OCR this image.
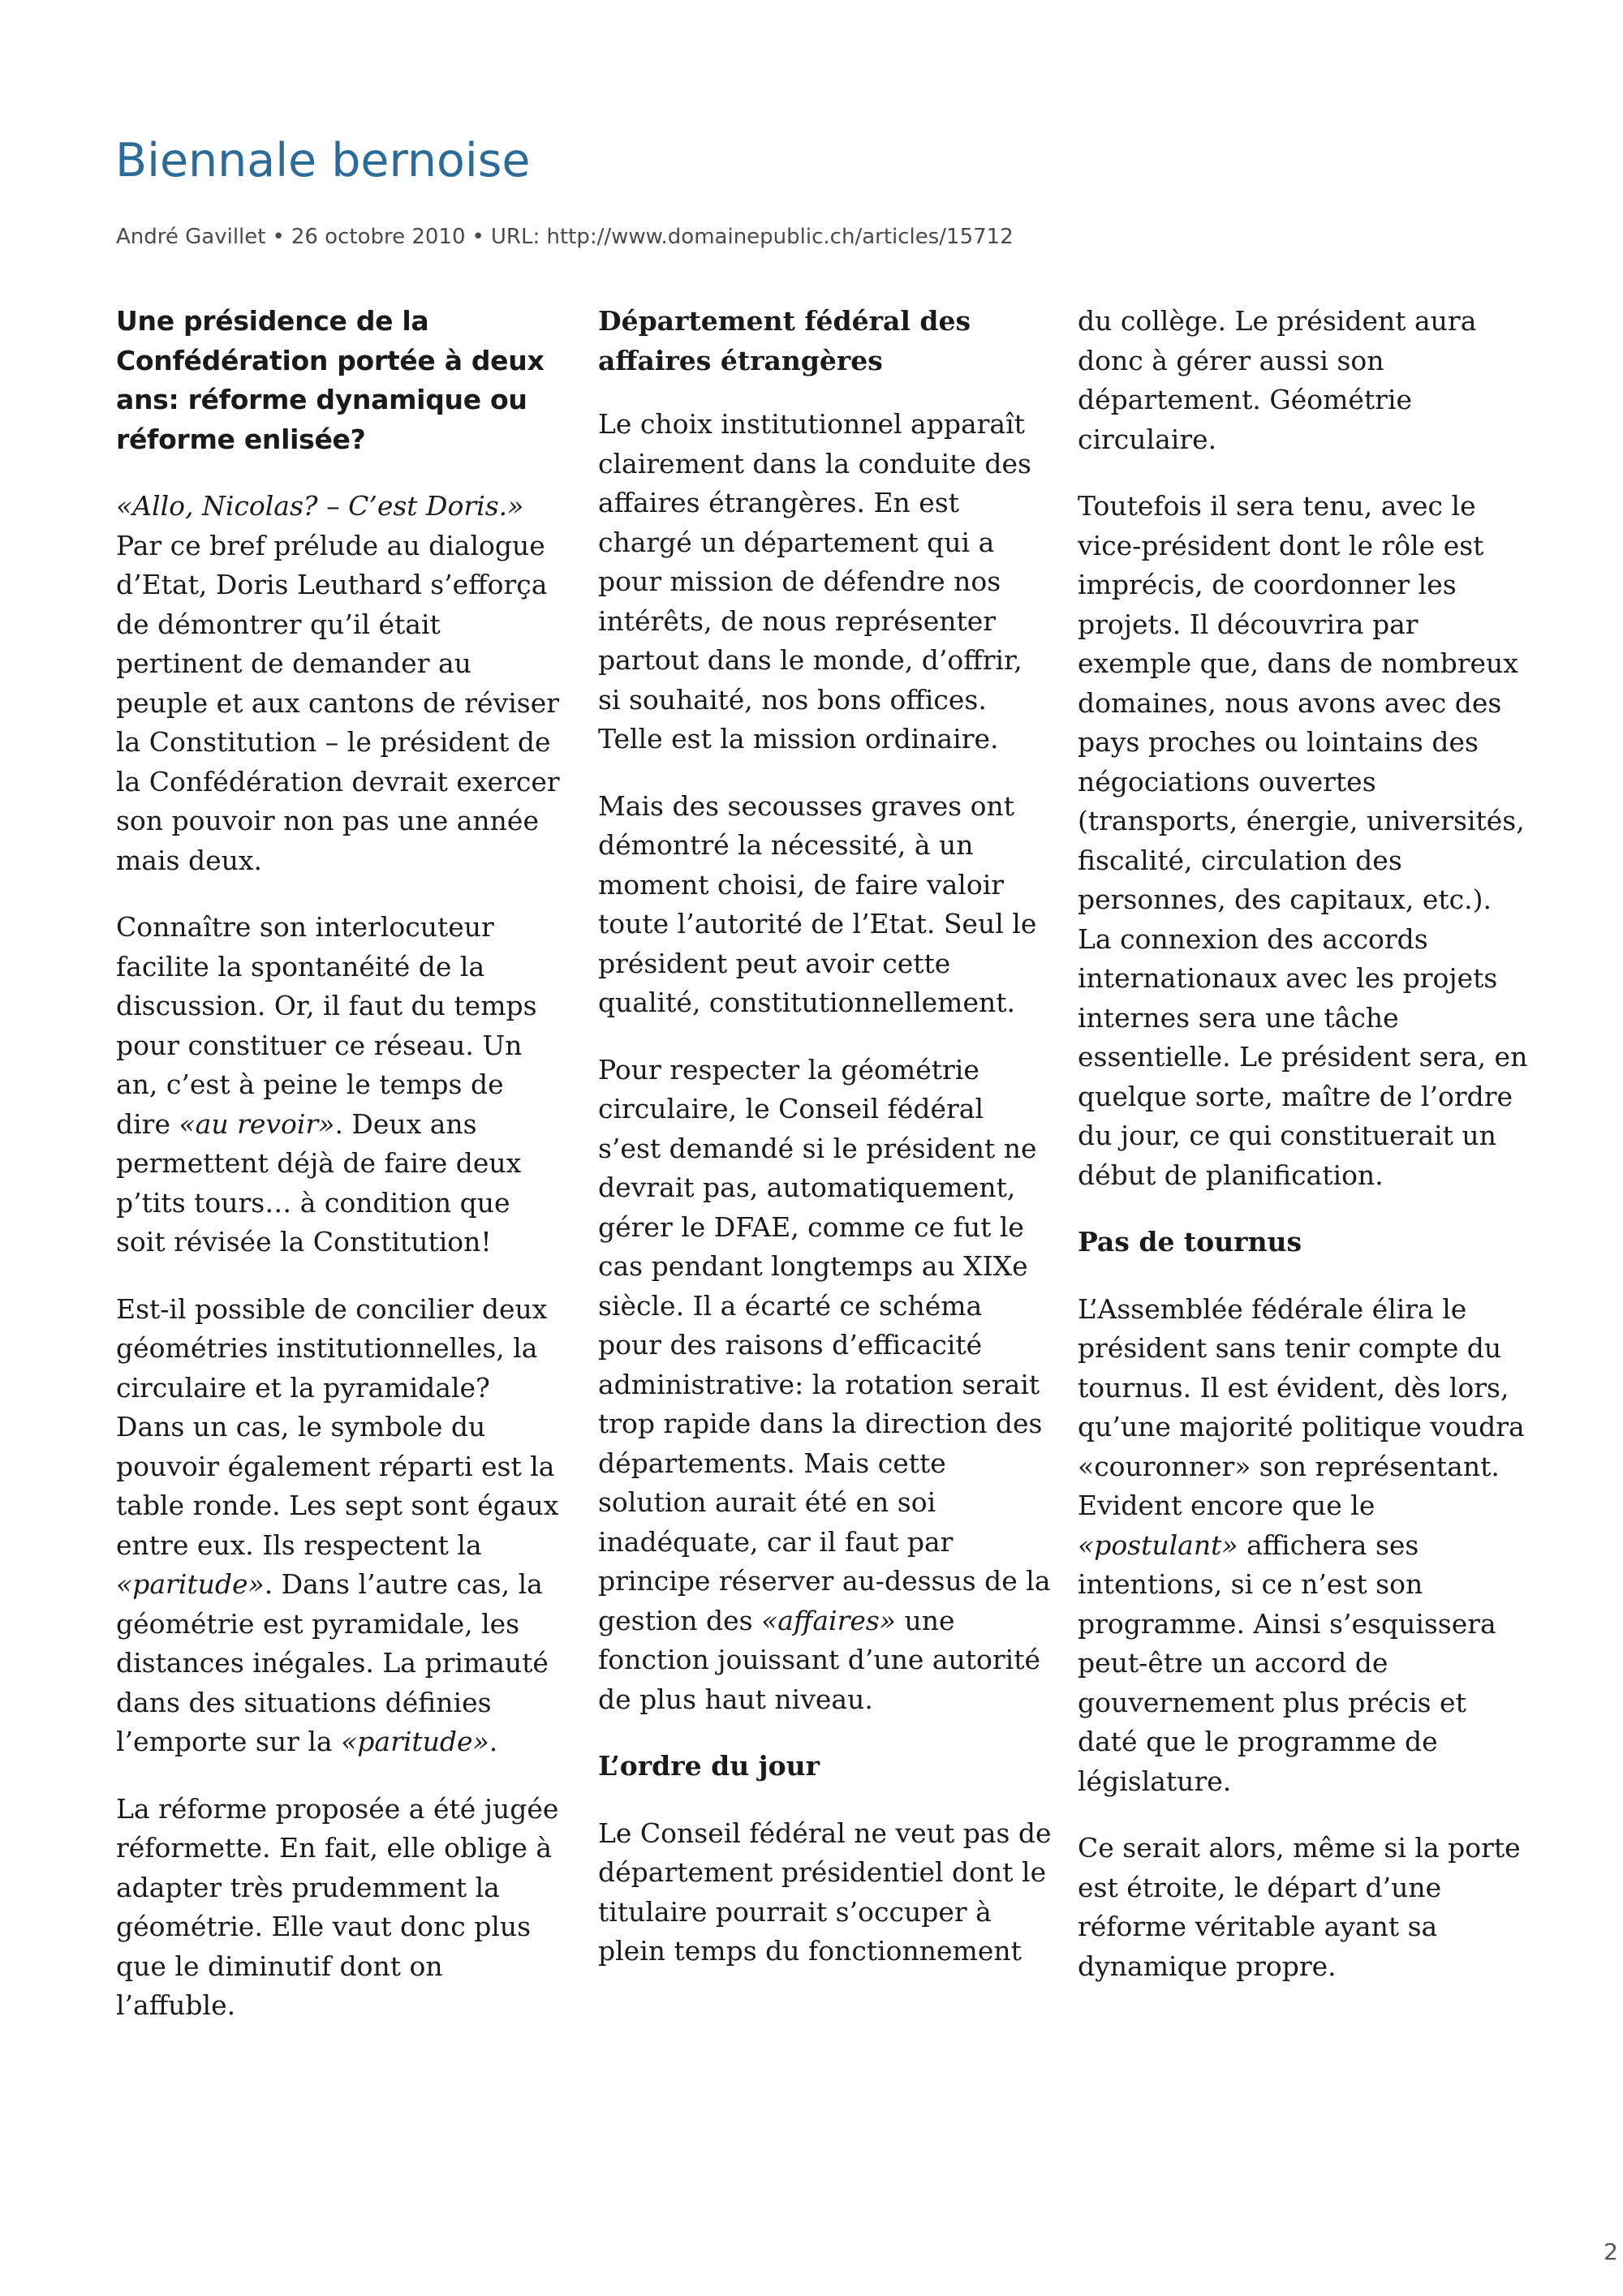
Biennale bernoise
André Gavillet • 26 octobre 2010 • URL: http://www.domainepublic.ch/articles/15712

Une présidence de la Confédération portée à deux ans: réforme dynamique ou réforme enlisée?

«Allo, Nicolas? – C’est Doris.» Par ce bref prélude au dialogue d’Etat, Doris Leuthard s’efforça de démontrer qu’il était pertinent de demander au peuple et aux cantons de réviser la Constitution – le président de la Confédération devrait exercer son pouvoir non pas une année mais deux.

Connaître son interlocuteur facilite la spontanéité de la discussion. Or, il faut du temps pour constituer ce réseau. Un an, c’est à peine le temps de dire «au revoir». Deux ans permettent déjà de faire deux p’tits tours… à condition que soit révisée la Constitution!

Est-il possible de concilier deux géométries institutionnelles, la circulaire et la pyramidale? Dans un cas, le symbole du pouvoir également réparti est la table ronde. Les sept sont égaux entre eux. Ils respectent la «paritude». Dans l’autre cas, la géométrie est pyramidale, les distances inégales. La primauté dans des situations définies l’emporte sur la «paritude».

La réforme proposée a été jugée réformette. En fait, elle oblige à adapter très prudemment la géométrie. Elle vaut donc plus que le diminutif dont on l’affuble.

Département fédéral des affaires étrangères

Le choix institutionnel apparaît clairement dans la conduite des affaires étrangères. En est chargé un département qui a pour mission de défendre nos intérêts, de nous représenter partout dans le monde, d’offrir, si souhaité, nos bons offices. Telle est la mission ordinaire.

Mais des secousses graves ont démontré la nécessité, à un moment choisi, de faire valoir toute l’autorité de l’Etat. Seul le président peut avoir cette qualité, constitutionnellement.

Pour respecter la géométrie circulaire, le Conseil fédéral s’est demandé si le président ne devrait pas, automatiquement, gérer le DFAE, comme ce fut le cas pendant longtemps au XIXe siècle. Il a écarté ce schéma pour des raisons d’efficacité administrative: la rotation serait trop rapide dans la direction des départements. Mais cette solution aurait été en soi inadéquate, car il faut par principe réserver au-dessus de la gestion des «affaires» une fonction jouissant d’une autorité de plus haut niveau.

L’ordre du jour

Le Conseil fédéral ne veut pas de département présidentiel dont le titulaire pourrait s’occuper à plein temps du fonctionnement

du collège. Le président aura donc à gérer aussi son département. Géométrie circulaire.

Toutefois il sera tenu, avec le vice-président dont le rôle est imprécis, de coordonner les projets. Il découvrira par exemple que, dans de nombreux domaines, nous avons avec des pays proches ou lointains des négociations ouvertes (transports, énergie, universités, fiscalité, circulation des personnes, des capitaux, etc.). La connexion des accords internationaux avec les projets internes sera une tâche essentielle. Le président sera, en quelque sorte, maître de l’ordre du jour, ce qui constituerait un début de planification.

Pas de tournus

L’Assemblée fédérale élira le président sans tenir compte du tournus. Il est évident, dès lors, qu’une majorité politique voudra «couronner» son représentant. Evident encore que le «postulant» affichera ses intentions, si ce n’est son programme. Ainsi s’esquissera peut-être un accord de gouvernement plus précis et daté que le programme de législature.

Ce serait alors, même si la porte est étroite, le départ d’une réforme véritable ayant sa dynamique propre.

2
